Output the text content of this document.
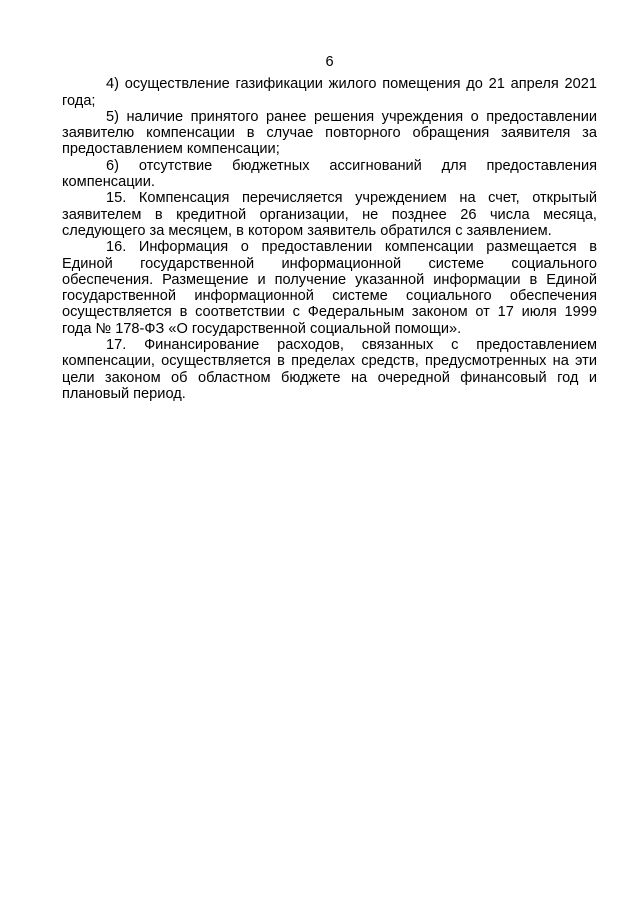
6

4) осуществление газификации жилого помещения до 21 апреля 2021 года;

5) наличие принятого ранее решения учреждения о предоставлении заявителю компенсации в случае повторного обращения заявителя за предоставлением компенсации;

6) отсутствие бюджетных ассигнований для предоставления компенсации.

15. Компенсация перечисляется учреждением на счет, открытый заявителем в кредитной организации, не позднее 26 числа месяца, следующего за месяцем, в котором заявитель обратился с заявлением.

16. Информация о предоставлении компенсации размещается в Единой государственной информационной системе социального обеспечения. Размещение и получение указанной информации в Единой государственной информационной системе социального обеспечения осуществляется в соответствии с Федеральным законом от 17 июля 1999 года № 178-ФЗ «О государственной социальной помощи».

17. Финансирование расходов, связанных с предоставлением компенсации, осуществляется в пределах средств, предусмотренных на эти цели законом об областном бюджете на очередной финансовый год и плановый период.
